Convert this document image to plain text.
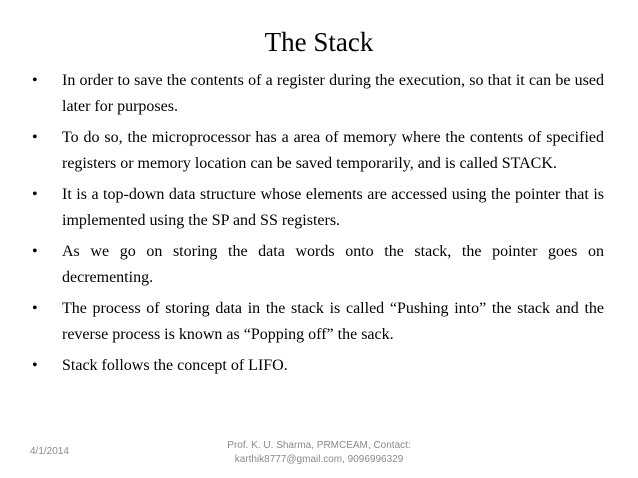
The Stack
•	In order to save the contents of a register during the execution, so that it can be used later for purposes.
•	To do so, the microprocessor has a area of memory where the contents of specified registers or memory location can be saved temporarily, and is called STACK.
•	It is a top-down data structure whose elements are accessed using the pointer that is implemented using the SP and SS registers.
•	As we go on storing the data words onto the stack, the pointer goes on decrementing.
•	The process of storing data in the stack is called “Pushing into” the stack and the reverse process is known as “Popping off” the sack.
•	Stack follows the concept of LIFO.
4/1/2014
Prof. K. U. Sharma, PRMCEAM, Contact:
karthik8777@gmail.com, 9096996329
